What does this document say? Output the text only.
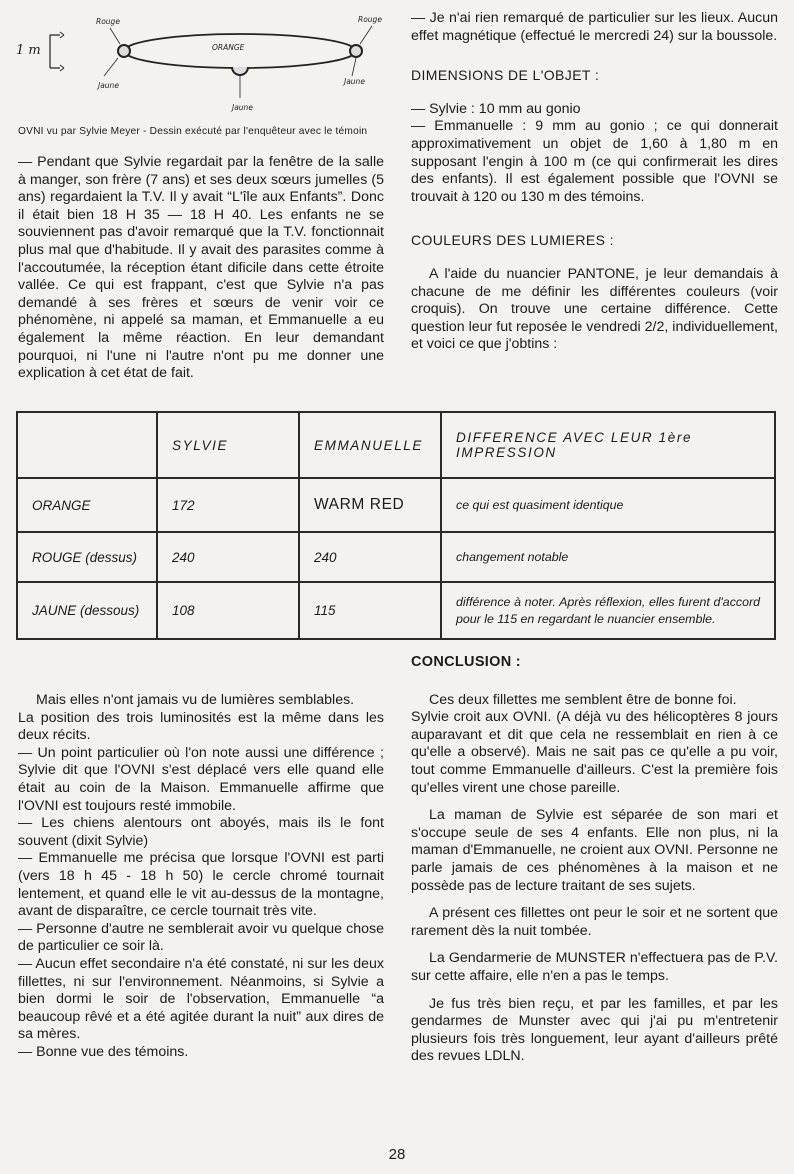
1 m
Rouge	Rouge
ORANGE
Jaune	Jaune
Jaune
OVNI vu par Sylvie Meyer - Dessin exécuté par l'enquêteur avec le témoin

— Pendant que Sylvie regardait par la fenêtre de la salle à manger, son frère (7 ans) et ses deux sœurs jumelles (5 ans) regardaient la T.V. Il y avait “L'île aux Enfants”. Donc il était bien 18 H 35 — 18 H 40. Les enfants ne se souviennent pas d'avoir remarqué que la T.V. fonctionnait plus mal que d'habitude. Il y avait des parasites comme à l'accoutumée, la réception étant dificile dans cette étroite vallée. Ce qui est frappant, c'est que Sylvie n'a pas demandé à ses frères et sœurs de venir voir ce phénomène, ni appelé sa maman, et Emmanuelle a eu également la même réaction. En leur demandant pourquoi, ni l'une ni l'autre n'ont pu me donner une explication à cet état de fait.

— Je n'ai rien remarqué de particulier sur les lieux. Aucun effet magnétique (effectué le mercredi 24) sur la boussole.

DIMENSIONS DE L'OBJET :

— Sylvie : 10 mm au gonio

— Emmanuelle : 9 mm au gonio ; ce qui donnerait approximativement un objet de 1,60 à 1,80 m en supposant l'engin à 100 m (ce qui confirmerait les dires des enfants). Il est également possible que l'OVNI se trouvait à 120 ou 130 m des témoins.

COULEURS DES LUMIERES :

A l'aide du nuancier PANTONE, je leur demandais à chacune de me définir les différentes couleurs (voir croquis). On trouve une certaine différence. Cette question leur fut reposée le vendredi 2/2, individuellement, et voici ce que j'obtins :

	SYLVIE	EMMANUELLE	DIFFERENCE AVEC LEUR 1ère IMPRESSION
ORANGE	172	WARM RED	ce qui est quasiment identique
ROUGE (dessus)	240	240	changement notable
JAUNE (dessous)	108	115	différence à noter. Après réflexion, elles furent d'accord pour le 115 en regardant le nuancier ensemble.

Mais elles n'ont jamais vu de lumières semblables.

La position des trois luminosités est la même dans les deux récits.

— Un point particulier où l'on note aussi une différence ; Sylvie dit que l'OVNI s'est déplacé vers elle quand elle était au coin de la Maison. Emmanuelle affirme que l'OVNI est toujours resté immobile.

— Les chiens alentours ont aboyés, mais ils le font souvent (dixit Sylvie)

— Emmanuelle me précisa que lorsque l'OVNI est parti (vers 18 h 45 - 18 h 50) le cercle chromé tournait lentement, et quand elle le vit au-dessus de la montagne, avant de disparaître, ce cercle tournait très vite.

— Personne d'autre ne semblerait avoir vu quelque chose de particulier ce soir là.

— Aucun effet secondaire n'a été constaté, ni sur les deux fillettes, ni sur l'environnement. Néanmoins, si Sylvie a bien dormi le soir de l'observation, Emmanuelle “a beaucoup rêvé et a été agitée durant la nuit” aux dires de sa mères.

— Bonne vue des témoins.

CONCLUSION :

Ces deux fillettes me semblent être de bonne foi.

Sylvie croit aux OVNI. (A déjà vu des hélicoptères 8 jours auparavant et dit que cela ne ressemblait en rien à ce qu'elle a observé). Mais ne sait pas ce qu'elle a pu voir, tout comme Emmanuelle d'ailleurs. C'est la première fois qu'elles virent une chose pareille.

La maman de Sylvie est séparée de son mari et s'occupe seule de ses 4 enfants. Elle non plus, ni la maman d'Emmanuelle, ne croient aux OVNI. Personne ne parle jamais de ces phénomènes à la maison et ne possède pas de lecture traitant de ses sujets.

A présent ces fillettes ont peur le soir et ne sortent que rarement dès la nuit tombée.

La Gendarmerie de MUNSTER n'effectuera pas de P.V. sur cette affaire, elle n'en a pas le temps.

Je fus très bien reçu, et par les familles, et par les gendarmes de Munster avec qui j'ai pu m'entretenir plusieurs fois très longuement, leur ayant d'ailleurs prêté des revues LDLN.

28
